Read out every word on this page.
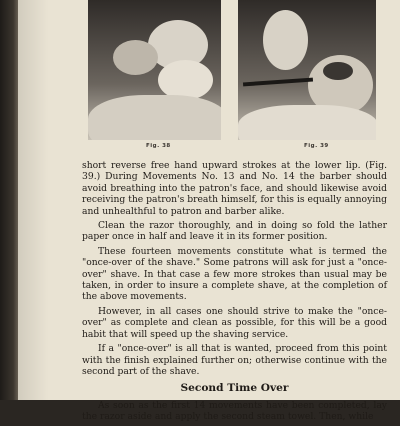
Fig. 38	Fig. 39

short reverse free hand upward strokes at the lower lip. (Fig. 39.) During Movements No. 13 and No. 14 the barber should avoid breathing into the patron's face, and should likewise avoid receiving the patron's breath himself, for this is equally annoying and unhealthful to patron and barber alike.

Clean the razor thoroughly, and in doing so fold the lather paper once in half and leave it in its former position.

These fourteen movements constitute what is termed the "once-over of the shave." Some patrons will ask for just a "once-over" shave. In that case a few more strokes than usual may be taken, in order to insure a complete shave, at the completion of the above movements.

However, in all cases one should strive to make the "once-over" as complete and clean as possible, for this will be a good habit that will speed up the shaving service.

If a "once-over" is all that is wanted, proceed from this point with the finish explained further on; otherwise continue with the second part of the shave.

Second Time Over

As soon as the first 14 movements have been completed, lay the razor aside and apply the second steam towel. Then, while
